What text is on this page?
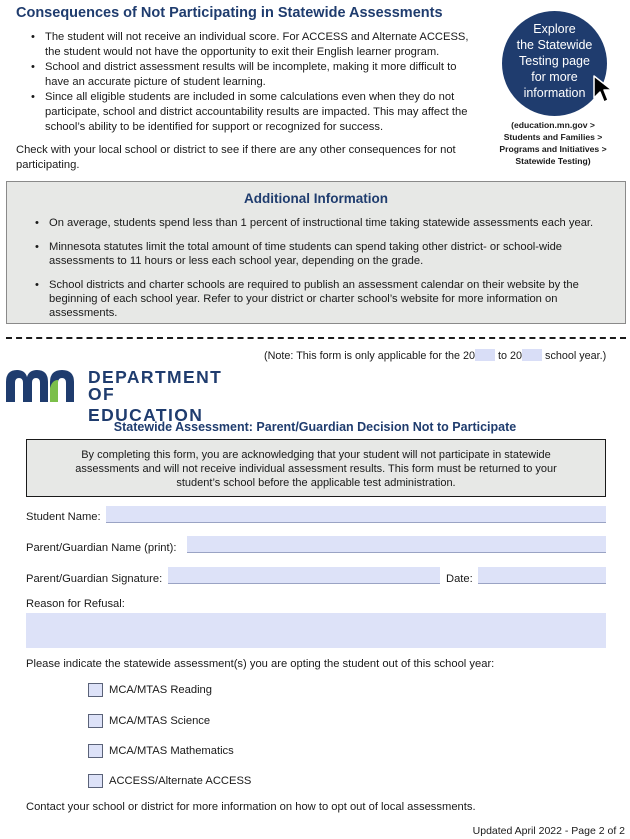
Consequences of Not Participating in Statewide Assessments
• The student will not receive an individual score. For ACCESS and Alternate ACCESS, the student would not have the opportunity to exit their English learner program.
• School and district assessment results will be incomplete, making it more difficult to have an accurate picture of student learning.
• Since all eligible students are included in some calculations even when they do not participate, school and district accountability results are impacted. This may affect the school’s ability to be identified for support or recognized for success.
Check with your local school or district to see if there are any other consequences for not participating.
Explore
the Statewide
Testing page
for more
information
(education.mn.gov >
Students and Families >
Programs and Initiatives >
Statewide Testing)
Additional Information
• On average, students spend less than 1 percent of instructional time taking statewide assessments each year.
• Minnesota statutes limit the total amount of time students can spend taking other district- or school-wide assessments to 11 hours or less each school year, depending on the grade.
• School districts and charter schools are required to publish an assessment calendar on their website by the beginning of each school year. Refer to your district or charter school’s website for more information on assessments.
(Note: This form is only applicable for the 20 to 20 school year.)
DEPARTMENT
OF EDUCATION
Statewide Assessment: Parent/Guardian Decision Not to Participate
By completing this form, you are acknowledging that your student will not participate in statewide assessments and will not receive individual assessment results. This form must be returned to your student’s school before the applicable test administration.
Student Name:
Parent/Guardian Name (print):
Parent/Guardian Signature:	Date:
Reason for Refusal:
Please indicate the statewide assessment(s) you are opting the student out of this school year:
MCA/MTAS Reading
MCA/MTAS Science
MCA/MTAS Mathematics
ACCESS/Alternate ACCESS
Contact your school or district for more information on how to opt out of local assessments.
Updated April 2022 - Page 2 of 2
